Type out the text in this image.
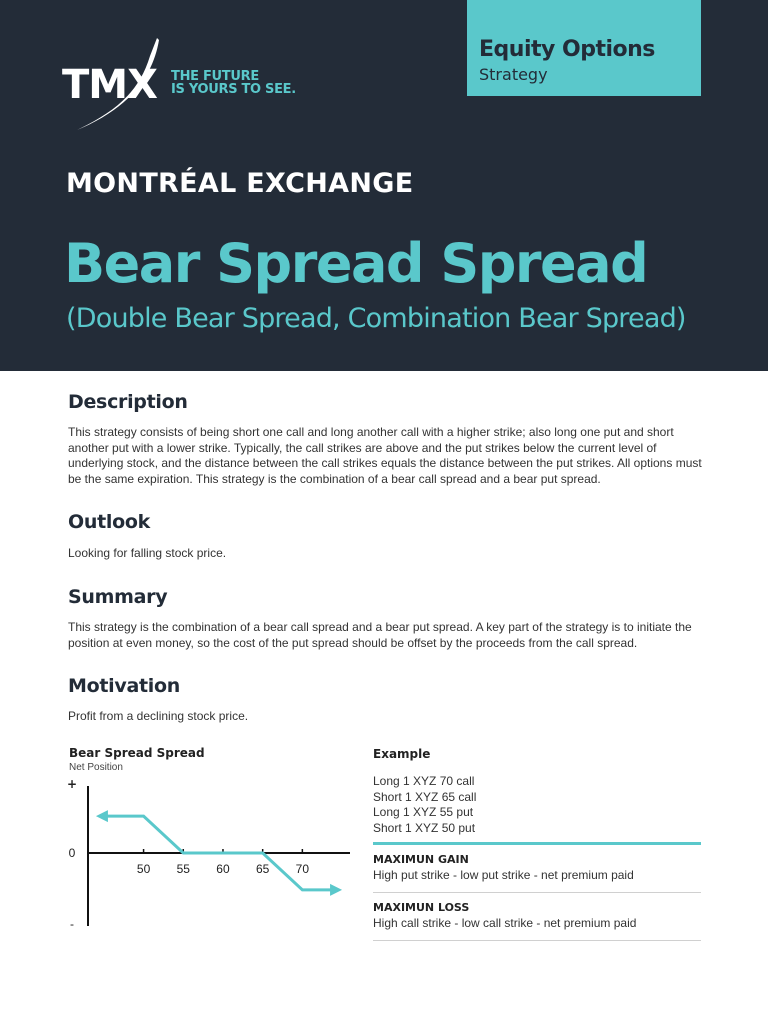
TMX THE FUTURE
IS YOURS TO SEE.
Equity Options
Strategy
MONTRÉAL EXCHANGE
Bear Spread Spread
(Double Bear Spread, Combination Bear Spread)
Description
This strategy consists of being short one call and long another call with a higher strike; also long one put and short another put with a lower strike. Typically, the call strikes are above and the put strikes below the current level of underlying stock, and the distance between the call strikes equals the distance between the put strikes. All options must be the same expiration. This strategy is the combination of a bear call spread and a bear put spread.
Outlook
Looking for falling stock price.
Summary
This strategy is the combination of a bear call spread and a bear put spread. A key part of the strategy is to initiate the position at even money, so the cost of the put spread should be offset by the proceeds from the call spread.
Motivation
Profit from a declining stock price.
Bear Spread Spread
Net Position
+
0
-
50 55 60 65 70
Example
Long 1 XYZ 70 call
Short 1 XYZ 65 call
Long 1 XYZ 55 put
Short 1 XYZ 50 put
MAXIMUN GAIN
High put strike - low put strike - net premium paid
MAXIMUN LOSS
High call strike - low call strike - net premium paid
